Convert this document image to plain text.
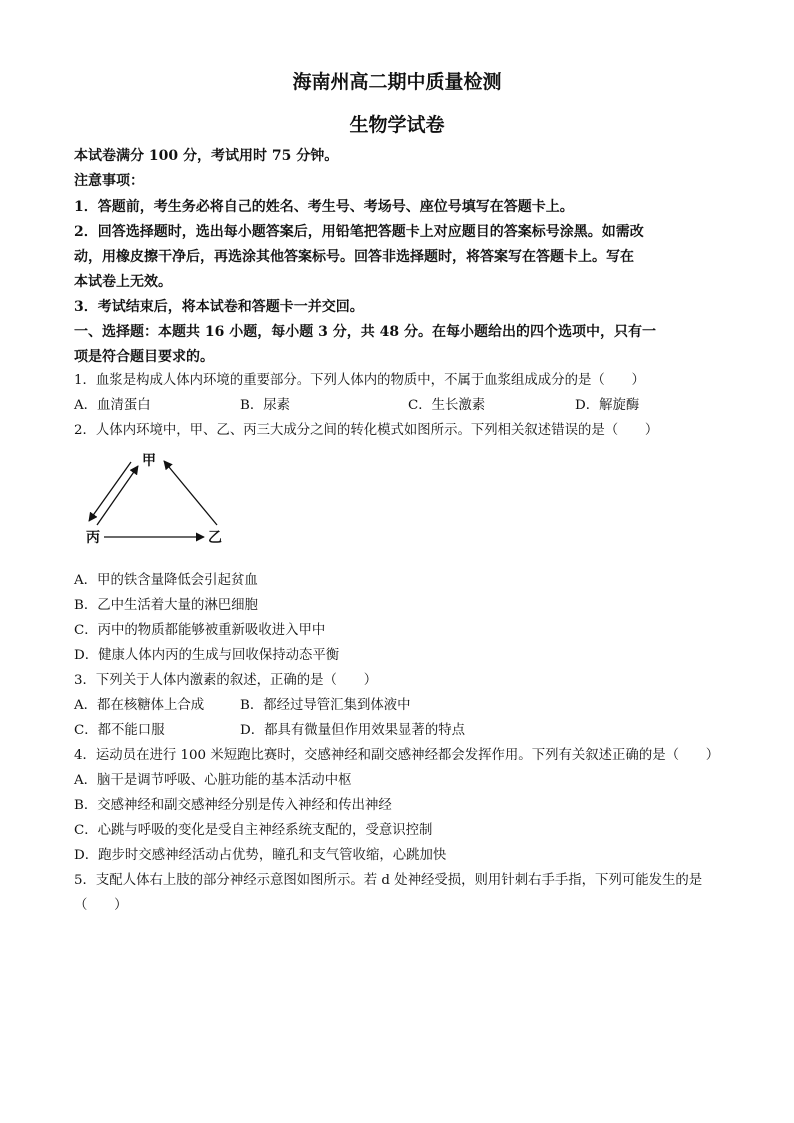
海南州高二期中质量检测
生物学试卷
本试卷满分 100 分，考试用时 75 分钟。
注意事项：
1．答题前，考生务必将自己的姓名、考生号、考场号、座位号填写在答题卡上。
2．回答选择题时，选出每小题答案后，用铅笔把答题卡上对应题目的答案标号涂黑。如需改
动，用橡皮擦干净后，再选涂其他答案标号。回答非选择题时，将答案写在答题卡上。写在
本试卷上无效。
3．考试结束后，将本试卷和答题卡一并交回。
一、选择题：本题共 16 小题，每小题 3 分，共 48 分。在每小题给出的四个选项中，只有一
项是符合题目要求的。
1．血浆是构成人体内环境的重要部分。下列人体内的物质中，不属于血浆组成成分的是（　　）
A．血清蛋白	B．尿素	C．生长激素	D．解旋酶
2．人体内环境中，甲、乙、丙三大成分之间的转化模式如图所示。下列相关叙述错误的是（　　）
甲
丙	乙
A．甲的铁含量降低会引起贫血
B．乙中生活着大量的淋巴细胞
C．丙中的物质都能够被重新吸收进入甲中
D．健康人体内丙的生成与回收保持动态平衡
3．下列关于人体内激素的叙述，正确的是（　　）
A．都在核糖体上合成	B．都经过导管汇集到体液中
C．都不能口服	D．都具有微量但作用效果显著的特点
4．运动员在进行 100 米短跑比赛时，交感神经和副交感神经都会发挥作用。下列有关叙述正确的是（　　）
A．脑干是调节呼吸、心脏功能的基本活动中枢
B．交感神经和副交感神经分别是传入神经和传出神经
C．心跳与呼吸的变化是受自主神经系统支配的，受意识控制
D．跑步时交感神经活动占优势，瞳孔和支气管收缩，心跳加快
5．支配人体右上肢的部分神经示意图如图所示。若 d 处神经受损，则用针刺右手手指，下列可能发生的是
（　　）
